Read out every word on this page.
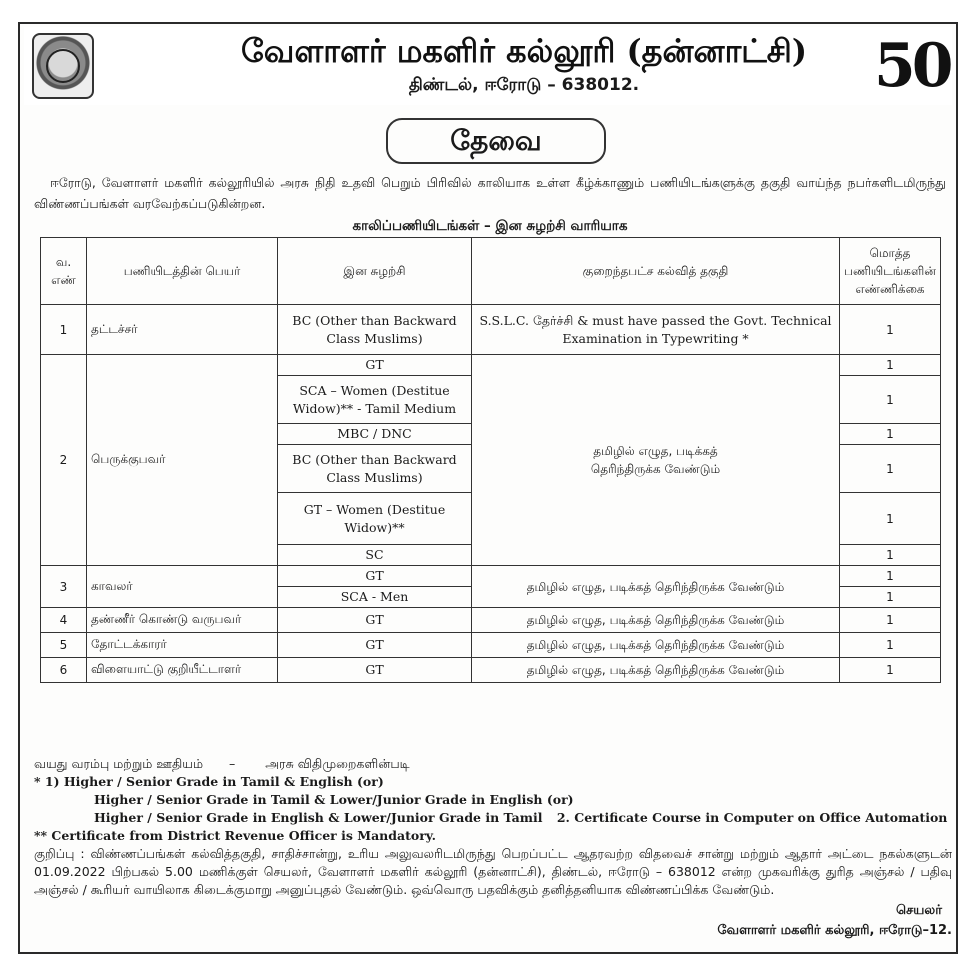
வேளாளர் மகளிர் கல்லூரி (தன்னாட்சி)
திண்டல், ஈரோடு – 638012.	50
தேவை
ஈரோடு, வேளாளர் மகளிர் கல்லூரியில் அரசு நிதி உதவி பெறும் பிரிவில் காலியாக உள்ள கீழ்க்காணும் பணியிடங்களுக்கு தகுதி வாய்ந்த நபர்களிடமிருந்து விண்ணப்பங்கள் வரவேற்கப்படுகின்றன.
காலிப்பணியிடங்கள் – இன சுழற்சி வாரியாக
வ. எண்	பணியிடத்தின் பெயர்	இன சுழற்சி	குறைந்தபட்ச கல்வித் தகுதி	மொத்த பணியிடங்களின் எண்ணிக்கை
1	தட்டச்சர்	BC (Other than Backward Class Muslims)	S.S.L.C. தேர்ச்சி & must have passed the Govt. Technical Examination in Typewriting *	1
2	பெருக்குபவர்	GT	தமிழில் எழுத, படிக்கத் தெரிந்திருக்க வேண்டும்	1
		SCA – Women (Destitue Widow)** - Tamil Medium		1
		MBC / DNC		1
		BC (Other than Backward Class Muslims)		1
		GT – Women (Destitue Widow)**		1
		SC		1
3	காவலர்	GT	தமிழில் எழுத, படிக்கத் தெரிந்திருக்க வேண்டும்	1
		SCA - Men		1
4	தண்ணீர் கொண்டு வருபவர்	GT	தமிழில் எழுத, படிக்கத் தெரிந்திருக்க வேண்டும்	1
5	தோட்டக்காரர்	GT	தமிழில் எழுத, படிக்கத் தெரிந்திருக்க வேண்டும்	1
6	விளையாட்டு குறியீட்டாளர்	GT	தமிழில் எழுத, படிக்கத் தெரிந்திருக்க வேண்டும்	1
வயது வரம்பு மற்றும் ஊதியம் – அரசு விதிமுறைகளின்படி
* 1) Higher / Senior Grade in Tamil & English (or)
Higher / Senior Grade in Tamil & Lower/Junior Grade in English (or)
Higher / Senior Grade in English & Lower/Junior Grade in Tamil 2. Certificate Course in Computer on Office Automation
** Certificate from District Revenue Officer is Mandatory.
குறிப்பு : விண்ணப்பங்கள் கல்வித்தகுதி, சாதிச்சான்று, உரிய அலுவலரிடமிருந்து பெறப்பட்ட ஆதரவற்ற விதவைச் சான்று மற்றும் ஆதார் அட்டை நகல்களுடன் 01.09.2022 பிற்பகல் 5.00 மணிக்குள் செயலர், வேளாளர் மகளிர் கல்லூரி (தன்னாட்சி), திண்டல், ஈரோடு – 638012 என்ற முகவரிக்கு துரித அஞ்சல் / பதிவு அஞ்சல் / கூரியர் வாயிலாக கிடைக்குமாறு அனுப்புதல் வேண்டும். ஒவ்வொரு பதவிக்கும் தனித்தனியாக விண்ணப்பிக்க வேண்டும்.
செயலர்
வேளாளர் மகளிர் கல்லூரி, ஈரோடு–12.
